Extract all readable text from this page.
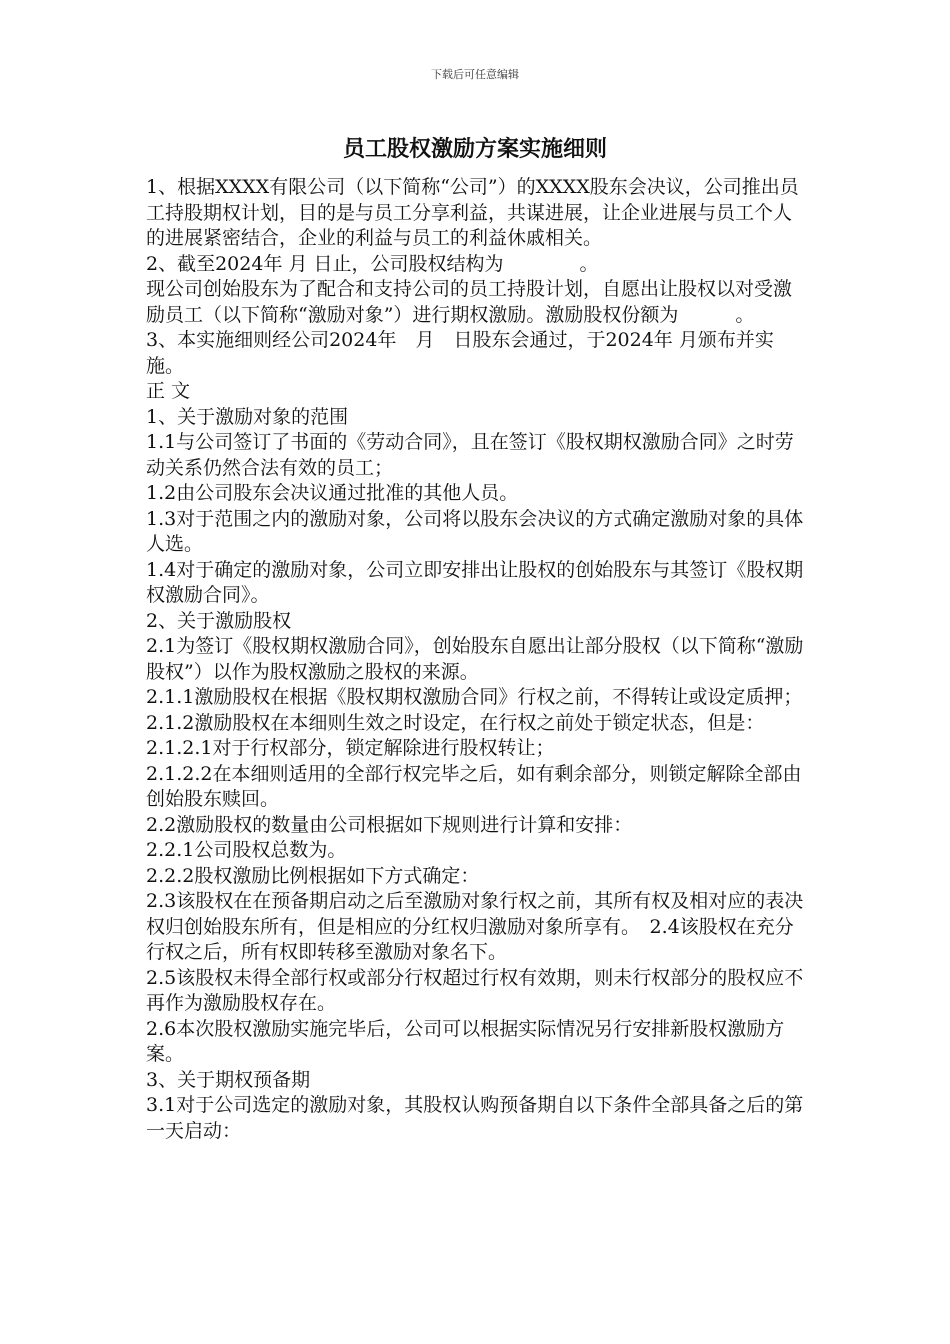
下载后可任意编辑
员工股权激励方案实施细则

1、根据XXXX有限公司（以下简称“公司”）的XXXX股东会决议，公司推出员工持股期权计划，目的是与员工分享利益，共谋进展，让企业进展与员工个人的进展紧密结合，企业的利益与员工的利益休戚相关。

2、截至2024年 月 日止，公司股权结构为　　　　。

现公司创始股东为了配合和支持公司的员工持股计划，自愿出让股权以对受激励员工（以下简称“激励对象”）进行期权激励。激励股权份额为　　　。

3、本实施细则经公司2024年　月　日股东会通过，于2024年 月颁布并实施。

正 文

1、关于激励对象的范围

1.1与公司签订了书面的《劳动合同》，且在签订《股权期权激励合同》之时劳动关系仍然合法有效的员工；

1.2由公司股东会决议通过批准的其他人员。

1.3对于范围之内的激励对象，公司将以股东会决议的方式确定激励对象的具体人选。

1.4对于确定的激励对象，公司立即安排出让股权的创始股东与其签订《股权期权激励合同》。

2、关于激励股权

2.1为签订《股权期权激励合同》，创始股东自愿出让部分股权（以下简称“激励股权”）以作为股权激励之股权的来源。

2.1.1激励股权在根据《股权期权激励合同》行权之前，不得转让或设定质押；

2.1.2激励股权在本细则生效之时设定，在行权之前处于锁定状态，但是：

2.1.2.1对于行权部分，锁定解除进行股权转让；

2.1.2.2在本细则适用的全部行权完毕之后，如有剩余部分，则锁定解除全部由创始股东赎回。

2.2激励股权的数量由公司根据如下规则进行计算和安排：

2.2.1公司股权总数为。

2.2.2股权激励比例根据如下方式确定：

2.3该股权在在预备期启动之后至激励对象行权之前，其所有权及相对应的表决权归创始股东所有，但是相应的分红权归激励对象所享有。　2.4该股权在充分行权之后，所有权即转移至激励对象名下。

2.5该股权未得全部行权或部分行权超过行权有效期，则未行权部分的股权应不再作为激励股权存在。

2.6本次股权激励实施完毕后，公司可以根据实际情况另行安排新股权激励方案。

3、关于期权预备期

3.1对于公司选定的激励对象，其股权认购预备期自以下条件全部具备之后的第一天启动：
